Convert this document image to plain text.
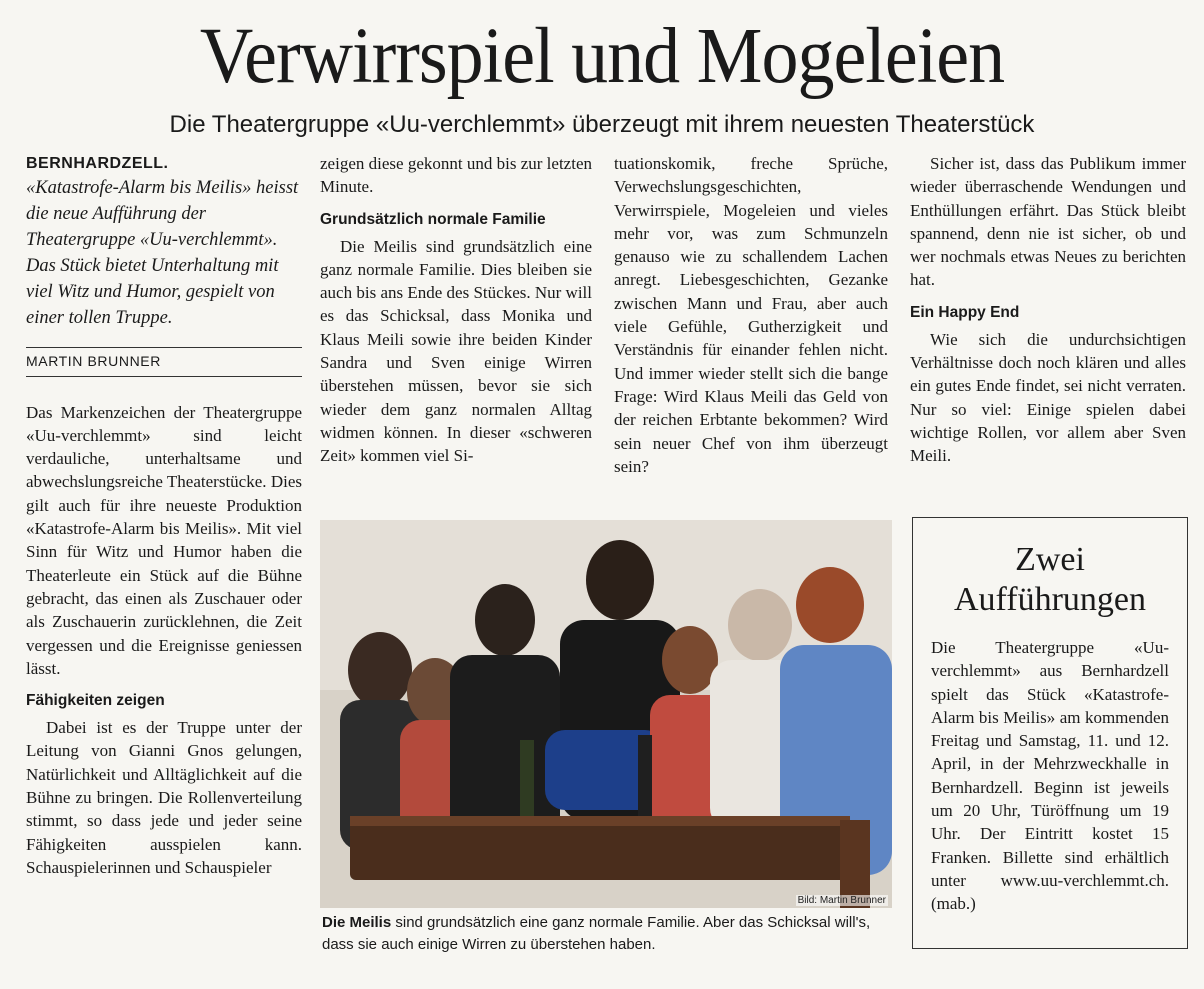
Verwirrspiel und Mogeleien
Die Theatergruppe «Uu-verchlemmt» überzeugt mit ihrem neuesten Theaterstück
BERNHARDZELL.

«Katastrofe-Alarm bis Meilis» heisst die neue Aufführung der Theatergruppe «Uu-verchlemmt». Das Stück bietet Unterhaltung mit viel Witz und Humor, gespielt von einer tollen Truppe.

MARTIN BRUNNER

Das Markenzeichen der Theatergruppe «Uu-verchlemmt» sind leicht verdauliche, unterhaltsame und abwechslungsreiche Theaterstücke. Dies gilt auch für ihre neueste Produktion «Katastrofe-Alarm bis Meilis». Mit viel Sinn für Witz und Humor haben die Theaterleute ein Stück auf die Bühne gebracht, das einen als Zuschauer oder als Zuschauerin zurücklehnen, die Zeit vergessen und die Ereignisse geniessen lässt.

Fähigkeiten zeigen

Dabei ist es der Truppe unter der Leitung von Gianni Gnos gelungen, Natürlichkeit und Alltäglichkeit auf die Bühne zu bringen. Die Rollenverteilung stimmt, so dass jede und jeder seine Fähigkeiten ausspielen kann. Schauspielerinnen und Schauspieler

zeigen diese gekonnt und bis zur letzten Minute.

Grundsätzlich normale Familie

Die Meilis sind grundsätzlich eine ganz normale Familie. Dies bleiben sie auch bis ans Ende des Stückes. Nur will es das Schicksal, dass Monika und Klaus Meili sowie ihre beiden Kinder Sandra und Sven einige Wirren überstehen müssen, bevor sie sich wieder dem ganz normalen Alltag widmen können. In dieser «schweren Zeit» kommen viel Si-

tuationskomik, freche Sprüche, Verwechslungsgeschichten, Verwirrspiele, Mogeleien und vieles mehr vor, was zum Schmunzeln genauso wie zu schallendem Lachen anregt. Liebesgeschichten, Gezanke zwischen Mann und Frau, aber auch viele Gefühle, Gutherzigkeit und Verständnis für einander fehlen nicht. Und immer wieder stellt sich die bange Frage: Wird Klaus Meili das Geld von der reichen Erbtante bekommen? Wird sein neuer Chef von ihm überzeugt sein?

Sicher ist, dass das Publikum immer wieder überraschende Wendungen und Enthüllungen erfährt. Das Stück bleibt spannend, denn nie ist sicher, ob und wer nochmals etwas Neues zu berichten hat.

Ein Happy End

Wie sich die undurchsichtigen Verhältnisse doch noch klären und alles ein gutes Ende findet, sei nicht verraten. Nur so viel: Einige spielen dabei wichtige Rollen, vor allem aber Sven Meili.

Bild: Martin Brunner
Die Meilis sind grundsätzlich eine ganz normale Familie. Aber das Schicksal will's, dass sie auch einige Wirren zu überstehen haben.
Zwei Aufführungen

Die Theatergruppe «Uu-verchlemmt» aus Bernhardzell spielt das Stück «Katastrofe-Alarm bis Meilis» am kommenden Freitag und Samstag, 11. und 12. April, in der Mehrzweckhalle in Bernhardzell. Beginn ist jeweils um 20 Uhr, Türöffnung um 19 Uhr. Der Eintritt kostet 15 Franken. Billette sind erhältlich unter www.uu-verchlemmt.ch. (mab.)
